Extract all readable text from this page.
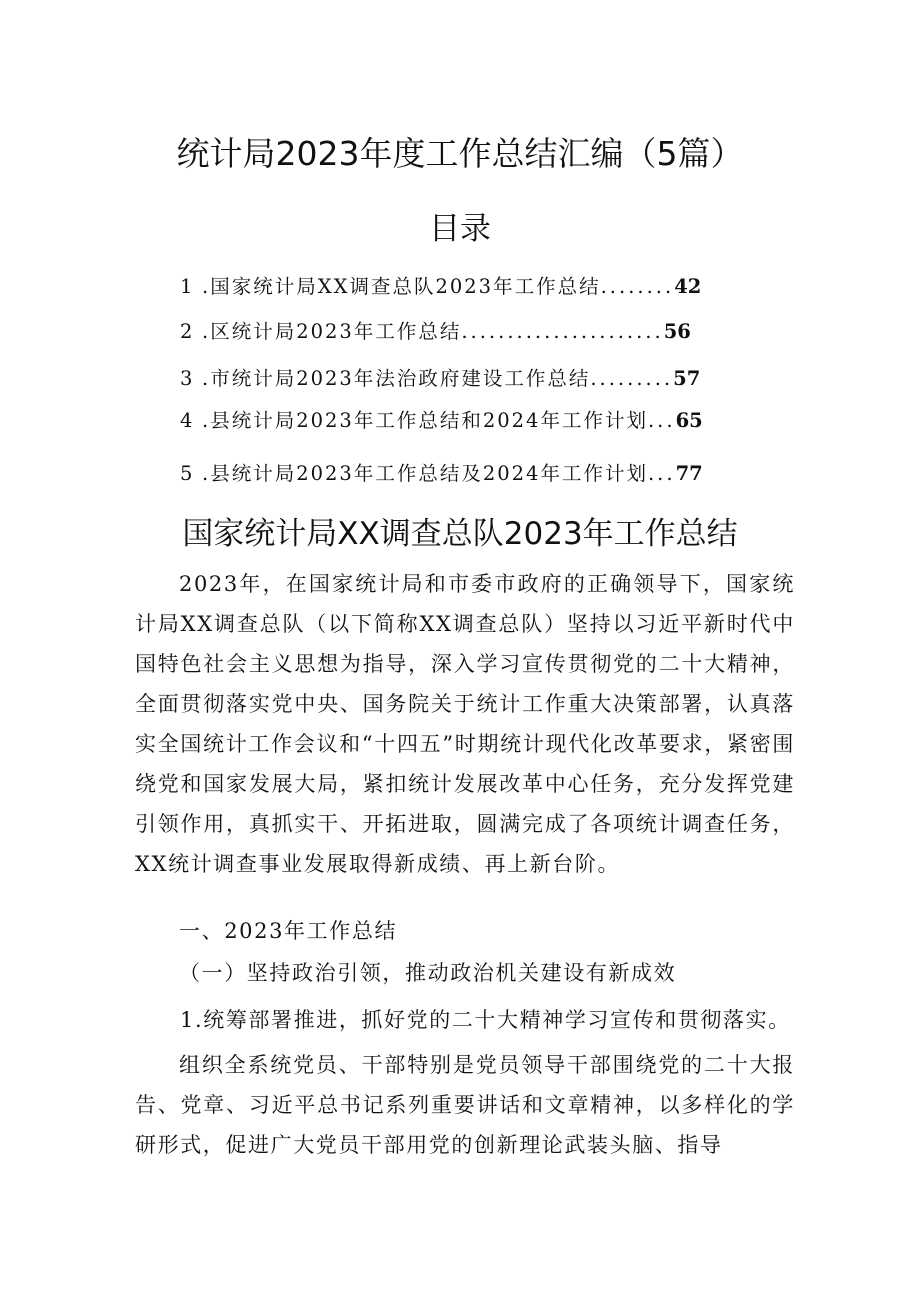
统计局2023年度工作总结汇编（5篇）
目录
1 .国家统计局XX调查总队2023年工作总结........42
2 .区统计局2023年工作总结......................56
3 .市统计局2023年法治政府建设工作总结.........57
4 .县统计局2023年工作总结和2024年工作计划...65
5 .县统计局2023年工作总结及2024年工作计划...77
国家统计局XX调查总队2023年工作总结

2023年，在国家统计局和市委市政府的正确领导下，国家统计局XX调查总队（以下简称XX调查总队）坚持以习近平新时代中国特色社会主义思想为指导，深入学习宣传贯彻党的二十大精神，全面贯彻落实党中央、国务院关于统计工作重大决策部署，认真落实全国统计工作会议和“十四五”时期统计现代化改革要求，紧密围绕党和国家发展大局，紧扣统计发展改革中心任务，充分发挥党建引领作用，真抓实干、开拓进取，圆满完成了各项统计调查任务，XX统计调查事业发展取得新成绩、再上新台阶。

一、2023年工作总结

（一）坚持政治引领，推动政治机关建设有新成效

1.统筹部署推进，抓好党的二十大精神学习宣传和贯彻落实。

组织全系统党员、干部特别是党员领导干部围绕党的二十大报告、党章、习近平总书记系列重要讲话和文章精神，以多样化的学研形式，促进广大党员干部用党的创新理论武装头脑、指导
